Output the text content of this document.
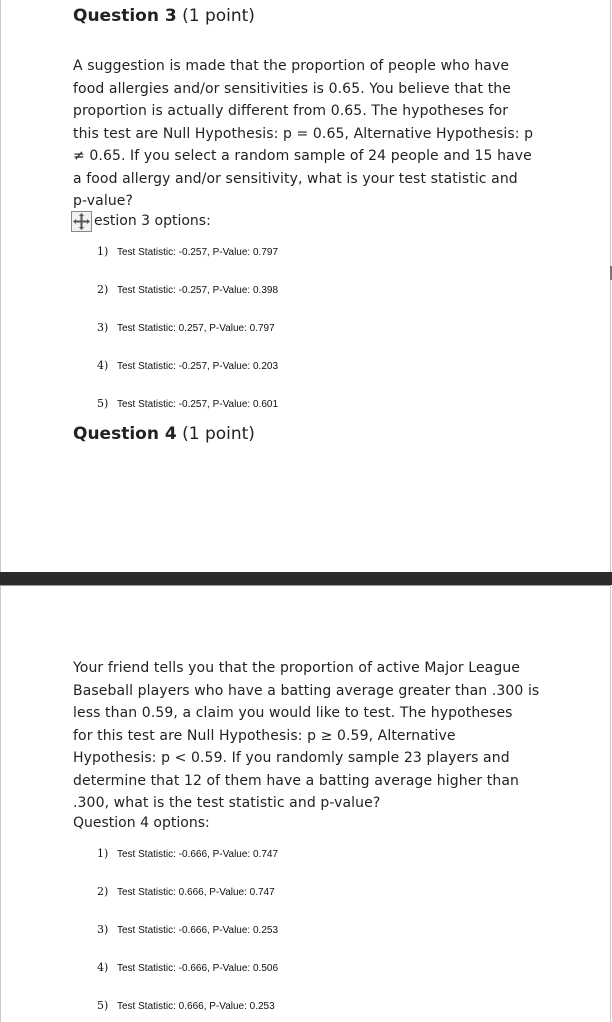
Question 3 (1 point)
A suggestion is made that the proportion of people who have
food allergies and/or sensitivities is 0.65. You believe that the
proportion is actually different from 0.65. The hypotheses for
this test are Null Hypothesis: p = 0.65, Alternative Hypothesis: p
≠ 0.65. If you select a random sample of 24 people and 15 have
a food allergy and/or sensitivity, what is your test statistic and
p-value?
estion 3 options:
1) Test Statistic: -0.257, P-Value: 0.797
2) Test Statistic: -0.257, P-Value: 0.398
3) Test Statistic: 0.257, P-Value: 0.797
4) Test Statistic: -0.257, P-Value: 0.203
5) Test Statistic: -0.257, P-Value: 0.601
Question 4 (1 point)
Your friend tells you that the proportion of active Major League
Baseball players who have a batting average greater than .300 is
less than 0.59, a claim you would like to test. The hypotheses
for this test are Null Hypothesis: p ≥ 0.59, Alternative
Hypothesis: p < 0.59. If you randomly sample 23 players and
determine that 12 of them have a batting average higher than
.300, what is the test statistic and p-value?
Question 4 options:
1) Test Statistic: -0.666, P-Value: 0.747
2) Test Statistic: 0.666, P-Value: 0.747
3) Test Statistic: -0.666, P-Value: 0.253
4) Test Statistic: -0.666, P-Value: 0.506
5) Test Statistic: 0.666, P-Value: 0.253
